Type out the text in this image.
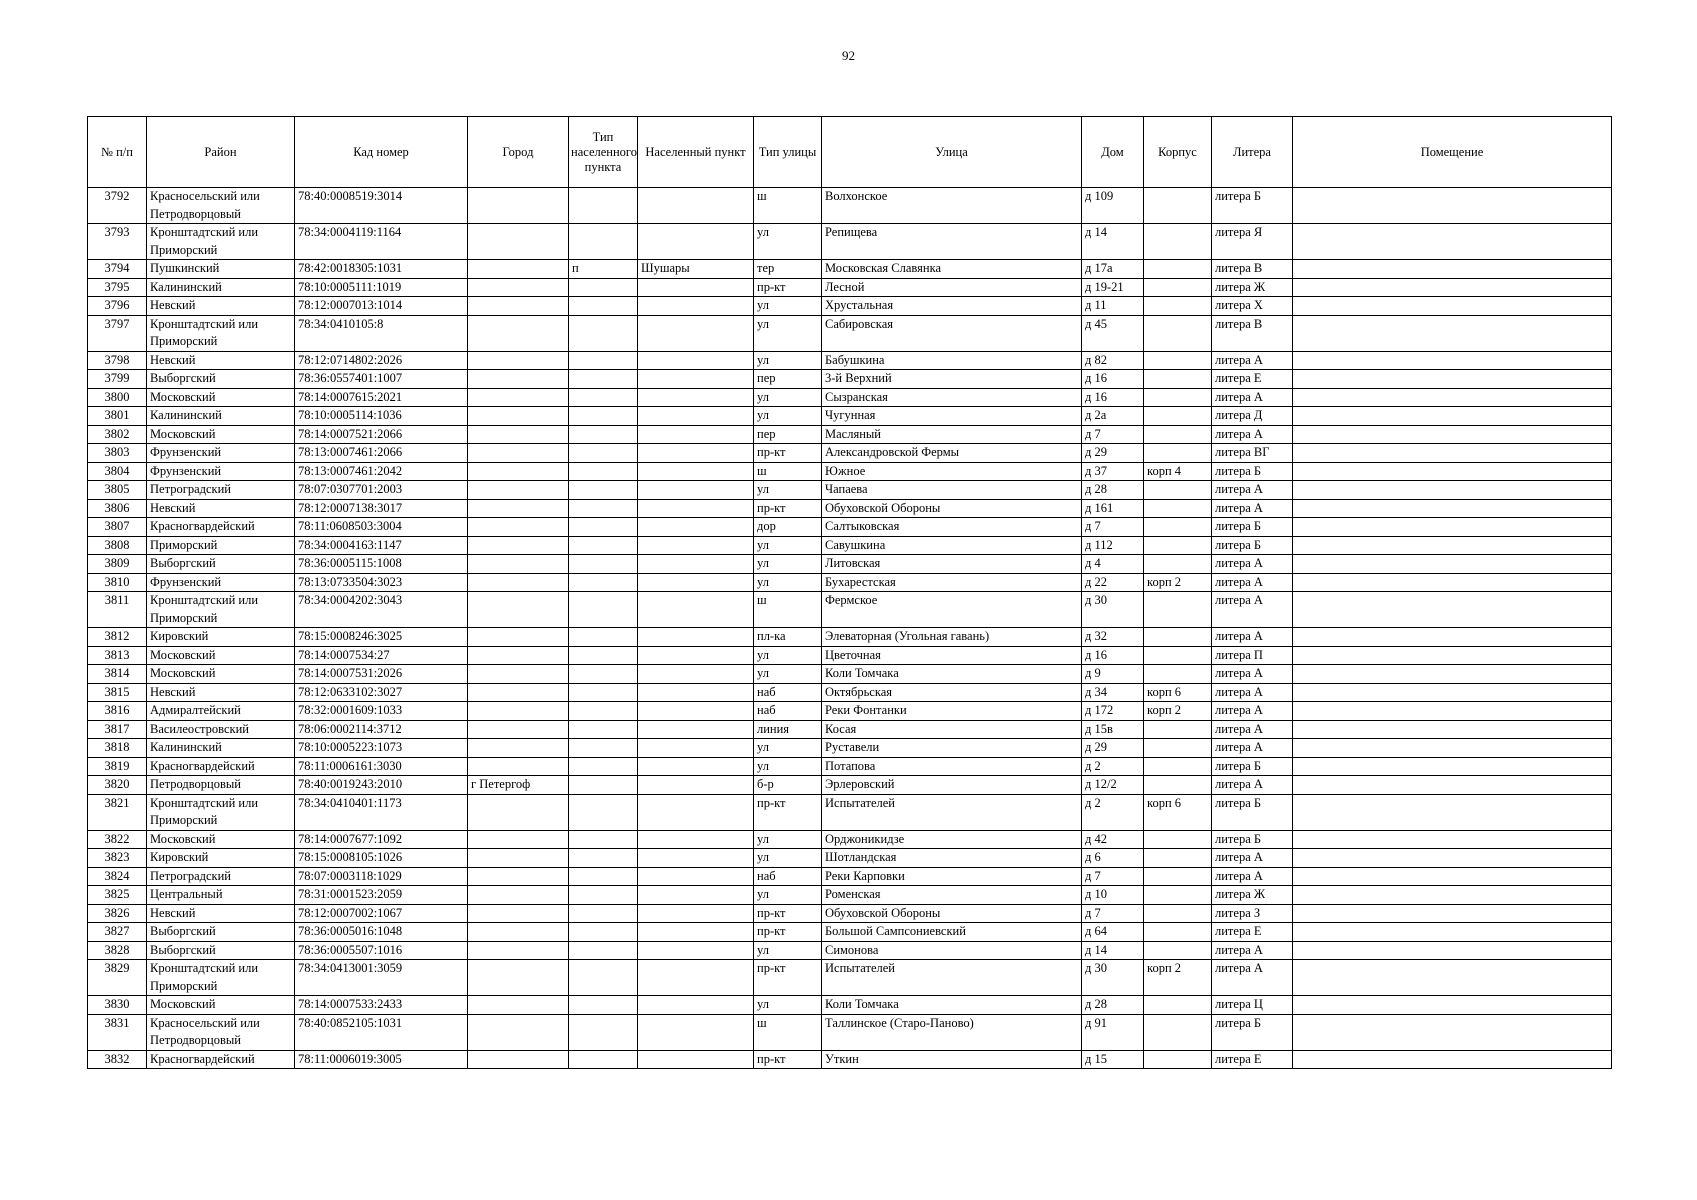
92
№ п/п	Район	Кад номер	Город	Тип населенного пункта	Населенный пункт	Тип улицы	Улица	Дом	Корпус	Литера	Помещение
3792	Красносельский или Петродворцовый	78:40:0008519:3014				ш	Волхонское	д 109		литера Б	
3793	Кронштадтский или Приморский	78:34:0004119:1164				ул	Репищева	д 14		литера Я	
3794	Пушкинский	78:42:0018305:1031		п	Шушары	тер	Московская Славянка	д 17а		литера В	
3795	Калининский	78:10:0005111:1019				пр-кт	Лесной	д 19-21		литера Ж	
3796	Невский	78:12:0007013:1014				ул	Хрустальная	д 11		литера Х	
3797	Кронштадтский или Приморский	78:34:0410105:8				ул	Сабировская	д 45		литера В	
3798	Невский	78:12:0714802:2026				ул	Бабушкина	д 82		литера А	
3799	Выборгский	78:36:0557401:1007				пер	3-й Верхний	д 16		литера Е	
3800	Московский	78:14:0007615:2021				ул	Сызранская	д 16		литера А	
3801	Калининский	78:10:0005114:1036				ул	Чугунная	д 2а		литера Д	
3802	Московский	78:14:0007521:2066				пер	Масляный	д 7		литера А	
3803	Фрунзенский	78:13:0007461:2066				пр-кт	Александровской Фермы	д 29		литера ВГ	
3804	Фрунзенский	78:13:0007461:2042				ш	Южное	д 37	корп 4	литера Б	
3805	Петроградский	78:07:0307701:2003				ул	Чапаева	д 28		литера А	
3806	Невский	78:12:0007138:3017				пр-кт	Обуховской Обороны	д 161		литера А	
3807	Красногвардейский	78:11:0608503:3004				дор	Салтыковская	д 7		литера Б	
3808	Приморский	78:34:0004163:1147				ул	Савушкина	д 112		литера Б	
3809	Выборгский	78:36:0005115:1008				ул	Литовская	д 4		литера А	
3810	Фрунзенский	78:13:0733504:3023				ул	Бухарестская	д 22	корп 2	литера А	
3811	Кронштадтский или Приморский	78:34:0004202:3043				ш	Фермское	д 30		литера А	
3812	Кировский	78:15:0008246:3025				пл-ка	Элеваторная (Угольная гавань)	д 32		литера А	
3813	Московский	78:14:0007534:27				ул	Цветочная	д 16		литера П	
3814	Московский	78:14:0007531:2026				ул	Коли Томчака	д 9		литера А	
3815	Невский	78:12:0633102:3027				наб	Октябрьская	д 34	корп 6	литера А	
3816	Адмиралтейский	78:32:0001609:1033				наб	Реки Фонтанки	д 172	корп 2	литера А	
3817	Василеостровский	78:06:0002114:3712				линия	Косая	д 15в		литера А	
3818	Калининский	78:10:0005223:1073				ул	Руставели	д 29		литера А	
3819	Красногвардейский	78:11:0006161:3030				ул	Потапова	д 2		литера Б	
3820	Петродворцовый	78:40:0019243:2010	г Петергоф			б-р	Эрлеровский	д 12/2		литера А	
3821	Кронштадтский или Приморский	78:34:0410401:1173				пр-кт	Испытателей	д 2	корп 6	литера Б	
3822	Московский	78:14:0007677:1092				ул	Орджоникидзе	д 42		литера Б	
3823	Кировский	78:15:0008105:1026				ул	Шотландская	д 6		литера А	
3824	Петроградский	78:07:0003118:1029				наб	Реки Карповки	д 7		литера А	
3825	Центральный	78:31:0001523:2059				ул	Роменская	д 10		литера Ж	
3826	Невский	78:12:0007002:1067				пр-кт	Обуховской Обороны	д 7		литера З	
3827	Выборгский	78:36:0005016:1048				пр-кт	Большой Сампсониевский	д 64		литера Е	
3828	Выборгский	78:36:0005507:1016				ул	Симонова	д 14		литера А	
3829	Кронштадтский или Приморский	78:34:0413001:3059				пр-кт	Испытателей	д 30	корп 2	литера А	
3830	Московский	78:14:0007533:2433				ул	Коли Томчака	д 28		литера Ц	
3831	Красносельский или Петродворцовый	78:40:0852105:1031				ш	Таллинское (Старо-Паново)	д 91		литера Б	
3832	Красногвардейский	78:11:0006019:3005				пр-кт	Уткин	д 15		литера Е	
